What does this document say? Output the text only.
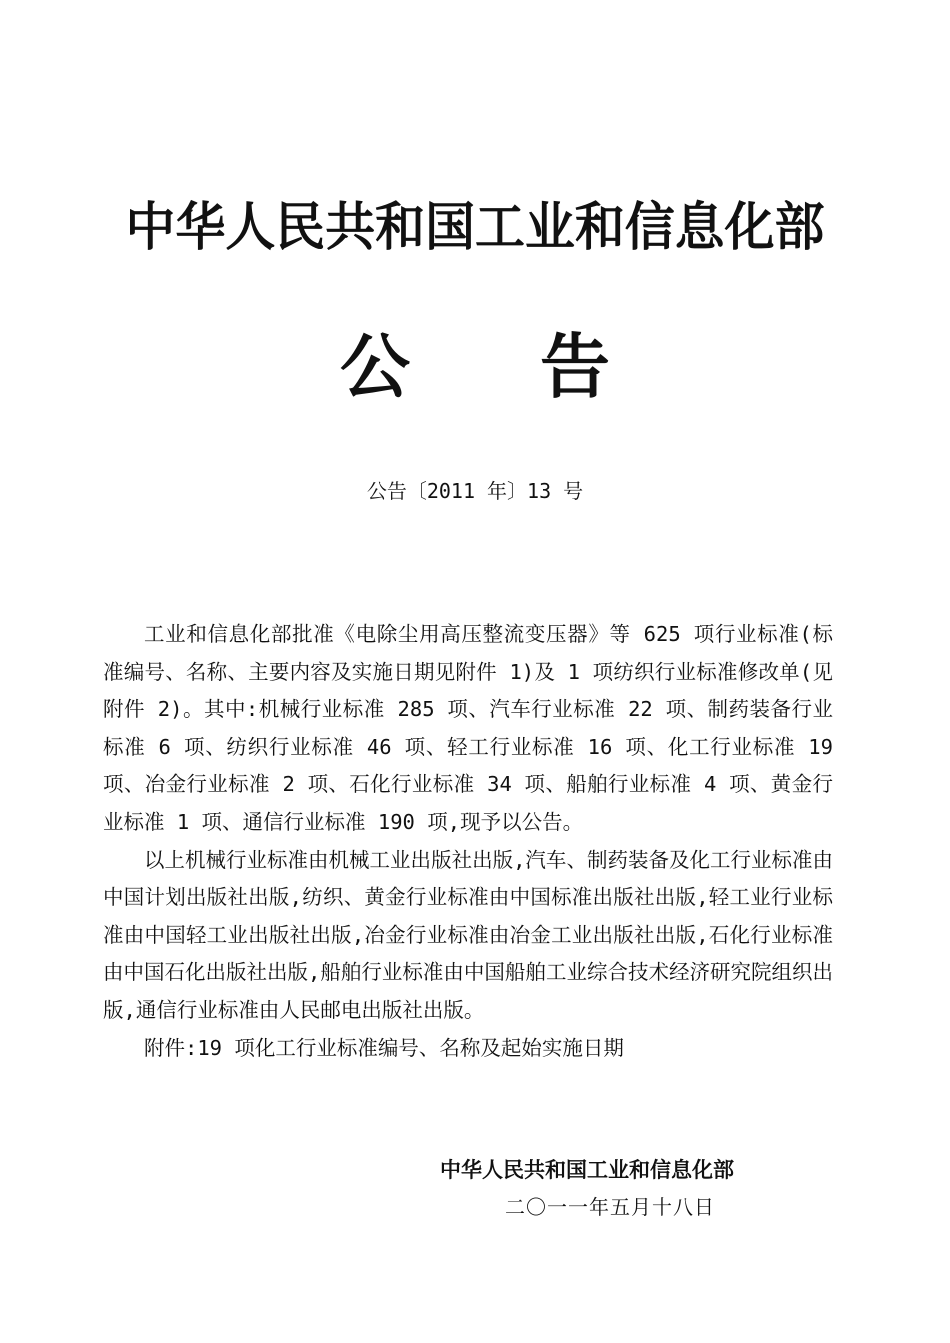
中华人民共和国工业和信息化部
公告
公告〔2011 年〕13 号

工业和信息化部批准《电除尘用高压整流变压器》等 625 项行业标准(标准编号、名称、主要内容及实施日期见附件 1)及 1 项纺织行业标准修改单(见附件 2)。其中:机械行业标准 285 项、汽车行业标准 22 项、制药装备行业标准 6 项、纺织行业标准 46 项、轻工行业标准 16 项、化工行业标准 19 项、冶金行业标准 2 项、石化行业标准 34 项、船舶行业标准 4 项、黄金行业标准 1 项、通信行业标准 190 项,现予以公告。

以上机械行业标准由机械工业出版社出版,汽车、制药装备及化工行业标准由中国计划出版社出版,纺织、黄金行业标准由中国标准出版社出版,轻工业行业标准由中国轻工业出版社出版,冶金行业标准由冶金工业出版社出版,石化行业标准由中国石化出版社出版,船舶行业标准由中国船舶工业综合技术经济研究院组织出版,通信行业标准由人民邮电出版社出版。

附件:19 项化工行业标准编号、名称及起始实施日期

中华人民共和国工业和信息化部
二〇一一年五月十八日
